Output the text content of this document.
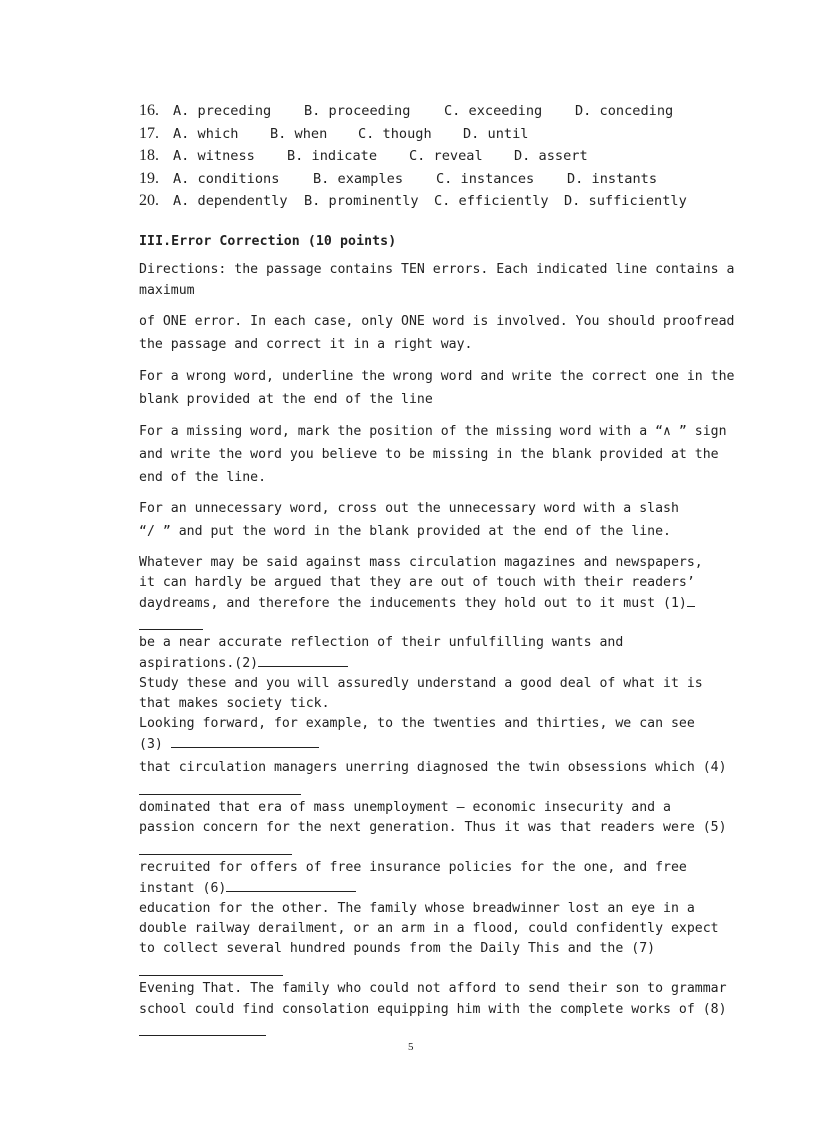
16.	A. preceding	B. proceeding	C. exceeding	D. conceding
17.	A. which	B. when	C. though	D. until
18.	A. witness	B. indicate	C. reveal	D. assert
19.	A. conditions	B. examples	C. instances	D. instants
20.	A. dependently	B. prominently	C. efficiently	D. sufficiently
III.Error Correction (10 points)
Directions: the passage contains TEN errors. Each indicated line contains a
maximum
of ONE error. In each case, only ONE word is involved. You should proofread
the passage and correct it in a right way.
For a wrong word, underline the wrong word and write the correct one in the
blank provided at the end of the line
For a missing word, mark the position of the missing word with a “∧ ” sign
and write the word you believe to be missing in the blank provided at the
end of the line.
For an unnecessary word, cross out the unnecessary word with a slash
“/ ” and put the word in the blank provided at the end of the line.
Whatever may be said against mass circulation magazines and newspapers,
it can hardly be argued that they are out of touch with their readers’
daydreams, and therefore the inducements they hold out to it must (1)
be a near accurate reflection of their unfulfilling wants and
aspirations.(2)
Study these and you will assuredly understand a good deal of what it is
that makes society tick.
Looking forward, for example, to the twenties and thirties, we can see
(3)
that circulation managers unerring diagnosed the twin obsessions which (4)
dominated that era of mass unemployment – economic insecurity and a
passion concern for the next generation. Thus it was that readers were (5)
recruited for offers of free insurance policies for the one, and free
instant (6)
education for the other. The family whose breadwinner lost an eye in a
double railway derailment, or an arm in a flood, could confidently expect
to collect several hundred pounds from the Daily This and the (7)
Evening That. The family who could not afford to send their son to grammar
school could find consolation equipping him with the complete works of (8)
5
